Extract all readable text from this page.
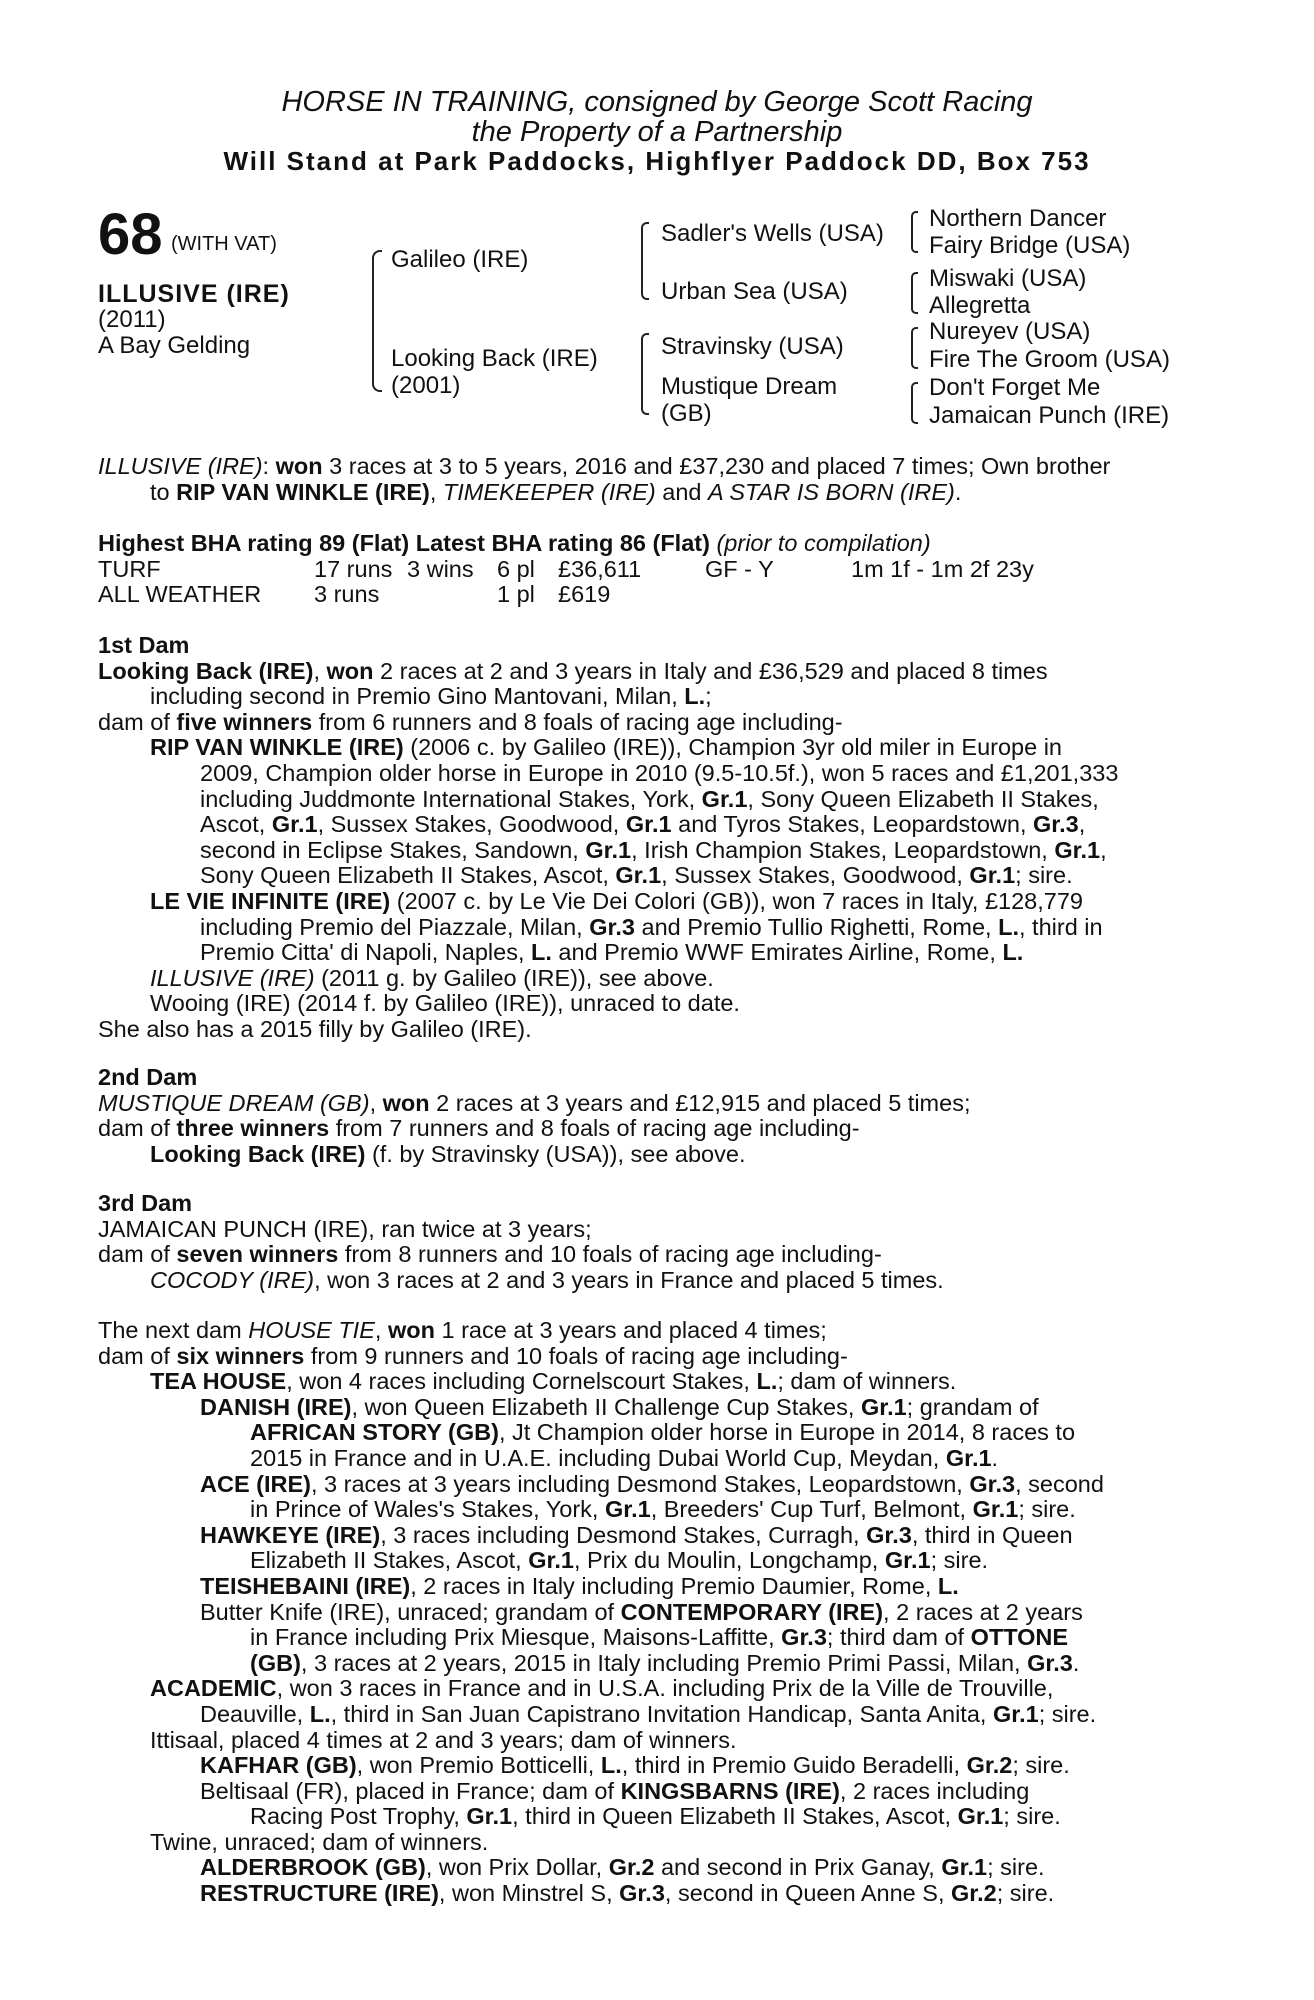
HORSE IN TRAINING, consigned by George Scott Racing
the Property of a Partnership
Will Stand at Park Paddocks, Highflyer Paddock DD, Box 753
68 (WITH VAT)
ILLUSIVE (IRE)
(2011)
A Bay Gelding
Galileo (IRE)
Looking Back (IRE)
(2001)
Sadler's Wells (USA)
Urban Sea (USA)
Stravinsky (USA)
Mustique Dream
(GB)
Northern Dancer
Fairy Bridge (USA)
Miswaki (USA)
Allegretta
Nureyev (USA)
Fire The Groom (USA)
Don't Forget Me
Jamaican Punch (IRE)

ILLUSIVE (IRE): won 3 races at 3 to 5 years, 2016 and £37,230 and placed 7 times; Own brother

to RIP VAN WINKLE (IRE), TIMEKEEPER (IRE) and A STAR IS BORN (IRE).

Highest BHA rating 89 (Flat) Latest BHA rating 86 (Flat) (prior to compilation)

TURF	17 runs 3 wins 6 pl £36,611	GF - Y	1m 1f - 1m 2f 23y
ALL WEATHER	3 runs	1 pl £619

1st Dam

Looking Back (IRE), won 2 races at 2 and 3 years in Italy and £36,529 and placed 8 times

including second in Premio Gino Mantovani, Milan, L.;

dam of five winners from 6 runners and 8 foals of racing age including-

RIP VAN WINKLE (IRE) (2006 c. by Galileo (IRE)), Champion 3yr old miler in Europe in

2009, Champion older horse in Europe in 2010 (9.5-10.5f.), won 5 races and £1,201,333

including Juddmonte International Stakes, York, Gr.1, Sony Queen Elizabeth II Stakes,

Ascot, Gr.1, Sussex Stakes, Goodwood, Gr.1 and Tyros Stakes, Leopardstown, Gr.3,

second in Eclipse Stakes, Sandown, Gr.1, Irish Champion Stakes, Leopardstown, Gr.1,

Sony Queen Elizabeth II Stakes, Ascot, Gr.1, Sussex Stakes, Goodwood, Gr.1; sire.

LE VIE INFINITE (IRE) (2007 c. by Le Vie Dei Colori (GB)), won 7 races in Italy, £128,779

including Premio del Piazzale, Milan, Gr.3 and Premio Tullio Righetti, Rome, L., third in

Premio Citta' di Napoli, Naples, L. and Premio WWF Emirates Airline, Rome, L.

ILLUSIVE (IRE) (2011 g. by Galileo (IRE)), see above.

Wooing (IRE) (2014 f. by Galileo (IRE)), unraced to date.

She also has a 2015 filly by Galileo (IRE).

2nd Dam

MUSTIQUE DREAM (GB), won 2 races at 3 years and £12,915 and placed 5 times;

dam of three winners from 7 runners and 8 foals of racing age including-

Looking Back (IRE) (f. by Stravinsky (USA)), see above.

3rd Dam

JAMAICAN PUNCH (IRE), ran twice at 3 years;

dam of seven winners from 8 runners and 10 foals of racing age including-

COCODY (IRE), won 3 races at 2 and 3 years in France and placed 5 times.

The next dam HOUSE TIE, won 1 race at 3 years and placed 4 times;

dam of six winners from 9 runners and 10 foals of racing age including-

TEA HOUSE, won 4 races including Cornelscourt Stakes, L.; dam of winners.

DANISH (IRE), won Queen Elizabeth II Challenge Cup Stakes, Gr.1; grandam of

AFRICAN STORY (GB), Jt Champion older horse in Europe in 2014, 8 races to

2015 in France and in U.A.E. including Dubai World Cup, Meydan, Gr.1.

ACE (IRE), 3 races at 3 years including Desmond Stakes, Leopardstown, Gr.3, second

in Prince of Wales's Stakes, York, Gr.1, Breeders' Cup Turf, Belmont, Gr.1; sire.

HAWKEYE (IRE), 3 races including Desmond Stakes, Curragh, Gr.3, third in Queen

Elizabeth II Stakes, Ascot, Gr.1, Prix du Moulin, Longchamp, Gr.1; sire.

TEISHEBAINI (IRE), 2 races in Italy including Premio Daumier, Rome, L.

Butter Knife (IRE), unraced; grandam of CONTEMPORARY (IRE), 2 races at 2 years

in France including Prix Miesque, Maisons-Laffitte, Gr.3; third dam of OTTONE

(GB), 3 races at 2 years, 2015 in Italy including Premio Primi Passi, Milan, Gr.3.

ACADEMIC, won 3 races in France and in U.S.A. including Prix de la Ville de Trouville,

Deauville, L., third in San Juan Capistrano Invitation Handicap, Santa Anita, Gr.1; sire.

Ittisaal, placed 4 times at 2 and 3 years; dam of winners.

KAFHAR (GB), won Premio Botticelli, L., third in Premio Guido Beradelli, Gr.2; sire.

Beltisaal (FR), placed in France; dam of KINGSBARNS (IRE), 2 races including

Racing Post Trophy, Gr.1, third in Queen Elizabeth II Stakes, Ascot, Gr.1; sire.

Twine, unraced; dam of winners.

ALDERBROOK (GB), won Prix Dollar, Gr.2 and second in Prix Ganay, Gr.1; sire.

RESTRUCTURE (IRE), won Minstrel S, Gr.3, second in Queen Anne S, Gr.2; sire.
